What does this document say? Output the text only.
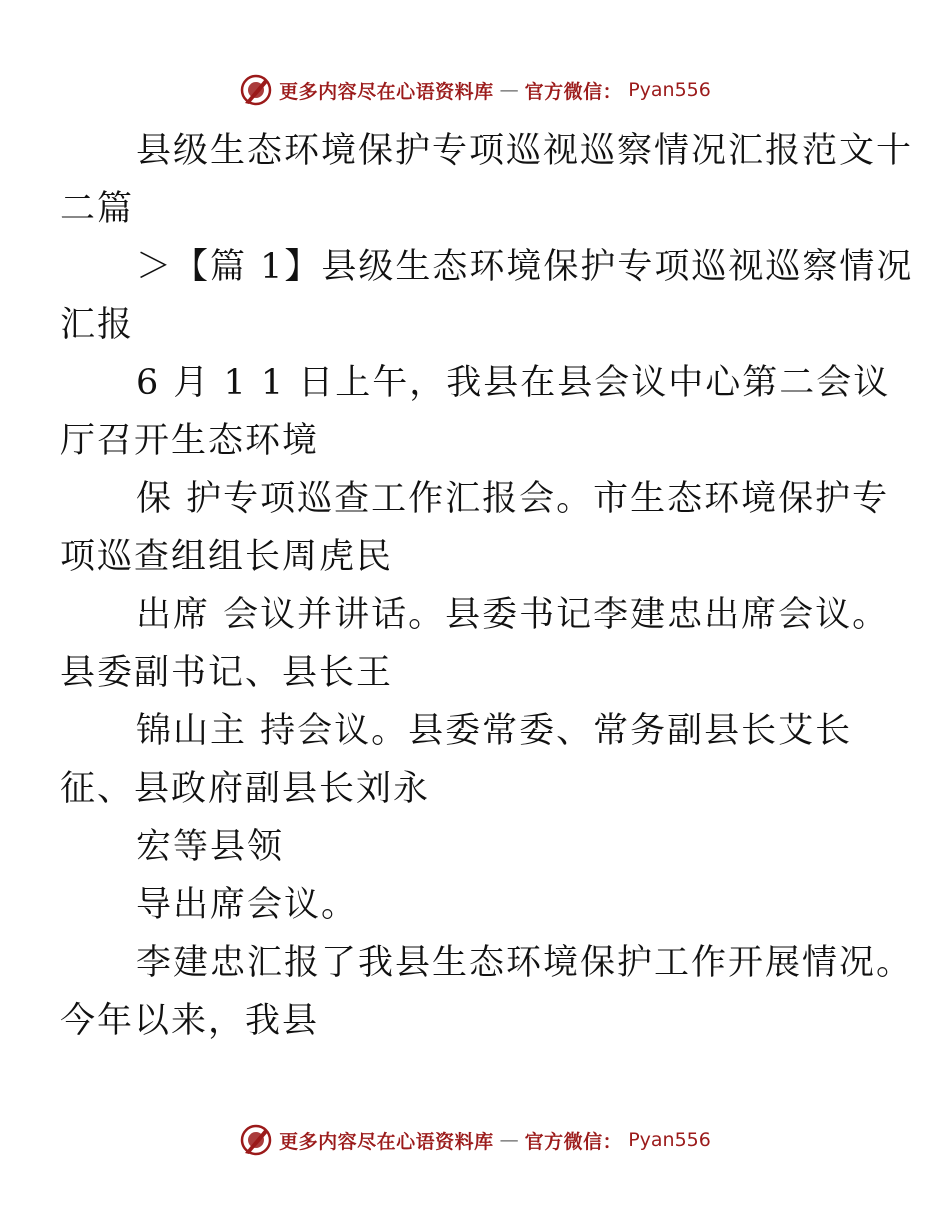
更多内容尽在心语资料库 — 官方微信： Pyan556

县级生态环境保护专项巡视巡察情况汇报范文十
二篇

＞【篇 1】县级生态环境保护专项巡视巡察情况
汇报

6 月 1 1 日上午，我县在县会议中心第二会议
厅召开生态环境

保 护专项巡查工作汇报会。市生态环境保护专
项巡查组组长周虎民

出席 会议并讲话。县委书记李建忠出席会议。
县委副书记、县长王

锦山主 持会议。县委常委、常务副县长艾长
征、县政府副县长刘永

宏等县领

导出席会议。

李建忠汇报了我县生态环境保护工作开展情况。
今年以来，我县

更多内容尽在心语资料库 — 官方微信： Pyan556
